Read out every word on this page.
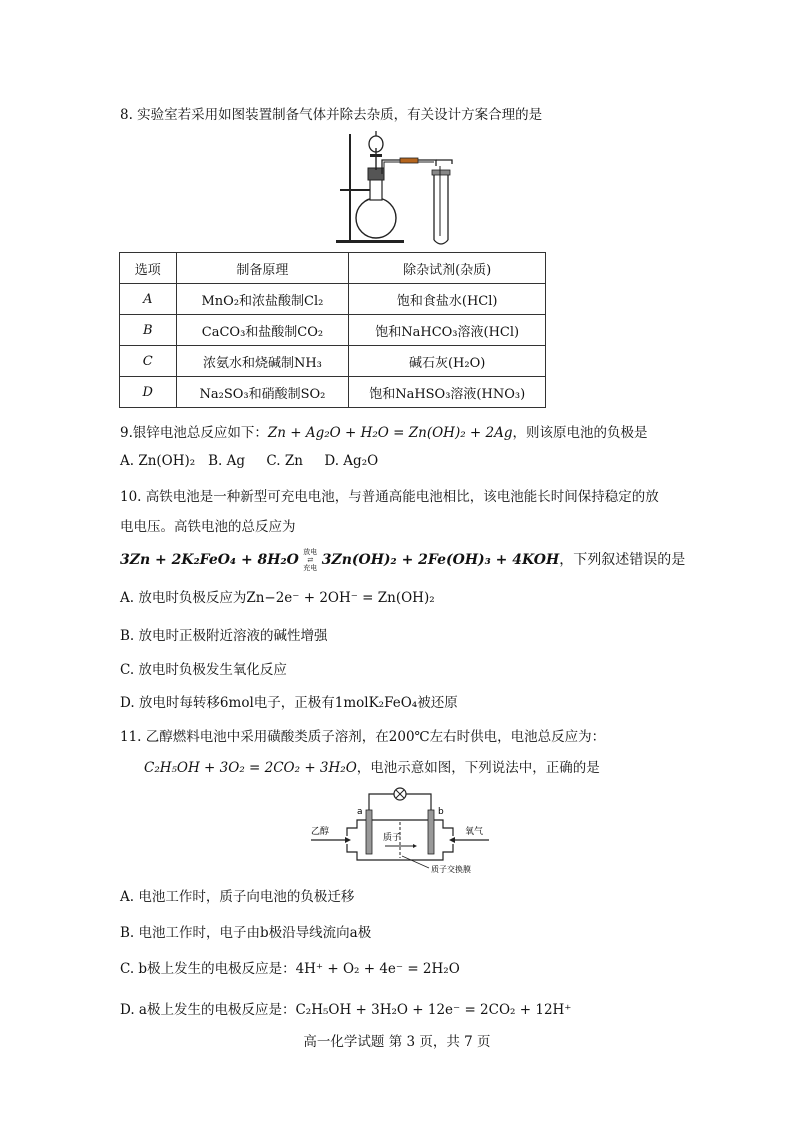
8. 实验室若采用如图装置制备气体并除去杂质，有关设计方案合理的是
选项	制备原理	除杂试剂(杂质)
A	MnO₂和浓盐酸制Cl₂	饱和食盐水(HCl)
B	CaCO₃和盐酸制CO₂	饱和NaHCO₃溶液(HCl)
C	浓氨水和烧碱制NH₃	碱石灰(H₂O)
D	Na₂SO₃和硝酸制SO₂	饱和NaHSO₃溶液(HNO₃)
9.银锌电池总反应如下：Zn + Ag₂O + H₂O = Zn(OH)₂ + 2Ag，则该原电池的负极是
A. Zn(OH)₂   B. Ag     C. Zn     D. Ag₂O
10. 高铁电池是一种新型可充电电池，与普通高能电池相比，该电池能长时间保持稳定的放
电电压。高铁电池的总反应为
3Zn + 2K₂FeO₄ + 8H₂O 放电
⇄
充电 3Zn(OH)₂ + 2Fe(OH)₃ + 4KOH，下列叙述错误的是
A. 放电时负极反应为Zn−2e⁻ + 2OH⁻ = Zn(OH)₂
B. 放电时正极附近溶液的碱性增强
C. 放电时负极发生氧化反应
D. 放电时每转移6mol电子，正极有1molK₂FeO₄被还原
11. 乙醇燃料电池中采用磺酸类质子溶剂，在200℃左右时供电，电池总反应为：
C₂H₅OH + 3O₂ = 2CO₂ + 3H₂O，电池示意如图，下列说法中，正确的是
乙醇	氧气
a	b
质子
质子交换膜
A. 电池工作时，质子向电池的负极迁移
B. 电池工作时，电子由b极沿导线流向a极
C. b极上发生的电极反应是：4H⁺ + O₂ + 4e⁻ = 2H₂O
D. a极上发生的电极反应是：C₂H₅OH + 3H₂O + 12e⁻ = 2CO₂ + 12H⁺
高一化学试题 第 3 页，共 7 页
